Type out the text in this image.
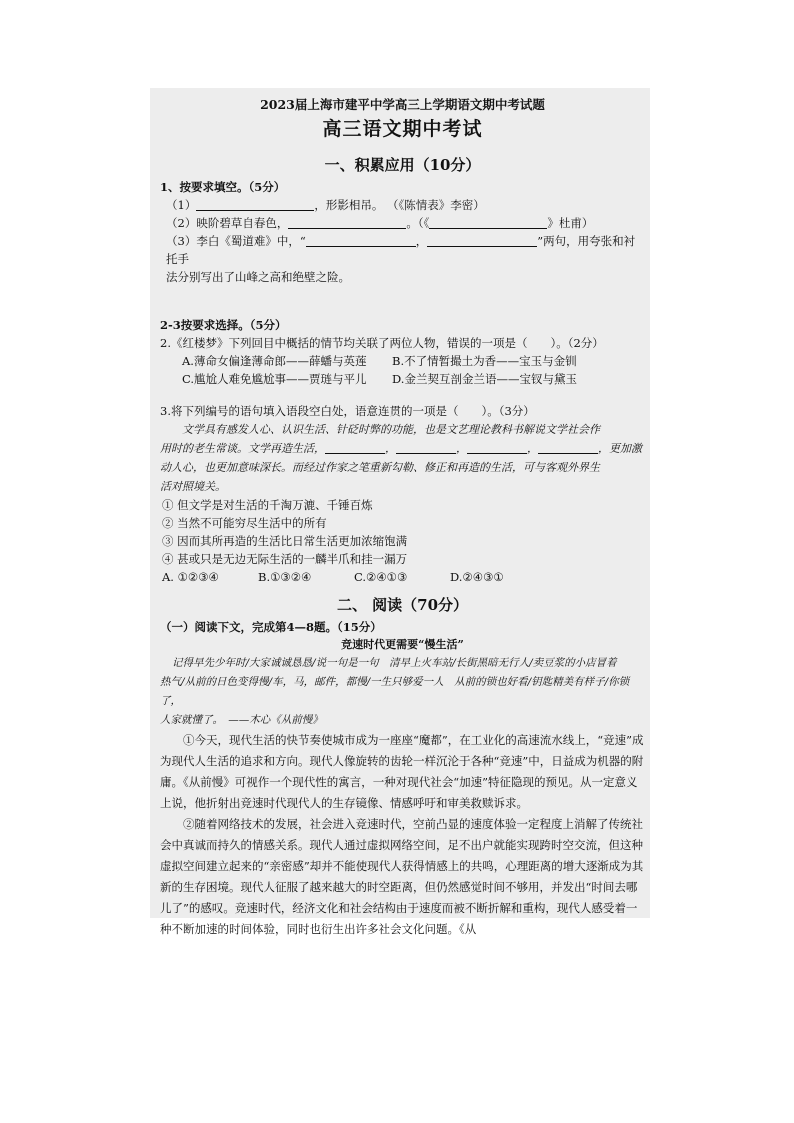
2023届上海市建平中学高三上学期语文期中考试题
高三语文期中考试
一、积累应用（10分）
1、按要求填空。（5分）
（1）	，形影相吊。 （《陈情表》李密）
（2）映阶碧草自春色，	。（《	》杜甫）
（3）李白《蜀道难》中，“	，	”两句，用夸张和衬托手
法分别写出了山峰之高和绝壁之险。
2-3按要求选择。（5分）
2.《红楼梦》下列回目中概括的情节均关联了两位人物，错误的一项是（　　）。（2分）
A.薄命女偏逢薄命郎——薛蟠与英莲	B.不了情暂撮土为香——宝玉与金钏
C.尴尬人难免尴尬事——贾琏与平儿	D.金兰契互剖金兰语——宝钗与黛玉
3.将下列编号的语句填入语段空白处，语意连贯的一项是（　　）。（3分）
文学具有感发人心、认识生活、针砭时弊的功能，也是文艺理论教科书解说文学社会作
用时的老生常谈。文学再造生活，	，	，	，	，更加激
动人心，也更加意味深长。而经过作家之笔重新勾勒、修正和再造的生活，可与客观外界生
活对照境关。
① 但文学是对生活的千淘万漉、千锤百炼
② 当然不可能穷尽生活中的所有
③ 因而其所再造的生活比日常生活更加浓缩饱满
④ 甚或只是无边无际生活的一麟半爪和挂一漏万
A. ①②③④	B.①③②④	C.②④①③	D.②④③①
二、 阅读（70分）
（一）阅读下文，完成第4—8题。（15分）
竞速时代更需要“慢生活”
记得早先少年时/大家诚诚恳恳/说一句是一句　清早上火车站/长街黑暗无行人/卖豆浆的小店冒着
热气/从前的日色变得慢/车，马，邮件，都慢/一生只够爱一人　从前的锁也好看/钥匙精美有样子/你锁了，
人家就懂了。　——木心《从前慢》
①今天，现代生活的快节奏使城市成为一座座“魔都”，在工业化的高速流水线上，“竞速”成为现代人生活的追求和方向。现代人像旋转的齿轮一样沉沦于各种“竞速”中，日益成为机器的附庸。《从前慢》可视作一个现代性的寓言，一种对现代社会“加速”特征隐现的预见。从一定意义上说，他折射出竞速时代现代人的生存镜像、情感呼吁和审美救赎诉求。
②随着网络技术的发展，社会进入竞速时代，空前凸显的速度体验一定程度上消解了传统社会中真诚而持久的情感关系。现代人通过虚拟网络空间，足不出户就能实现跨时空交流，但这种虚拟空间建立起来的“亲密感”却并不能使现代人获得情感上的共鸣，心理距离的增大逐渐成为其新的生存困境。现代人征服了越来越大的时空距离，但仍然感觉时间不够用，并发出“时间去哪儿了”的感叹。竞速时代，经济文化和社会结构由于速度而被不断折解和重构，现代人感受着一种不断加速的时间体验，同时也衍生出许多社会文化问题。《从
